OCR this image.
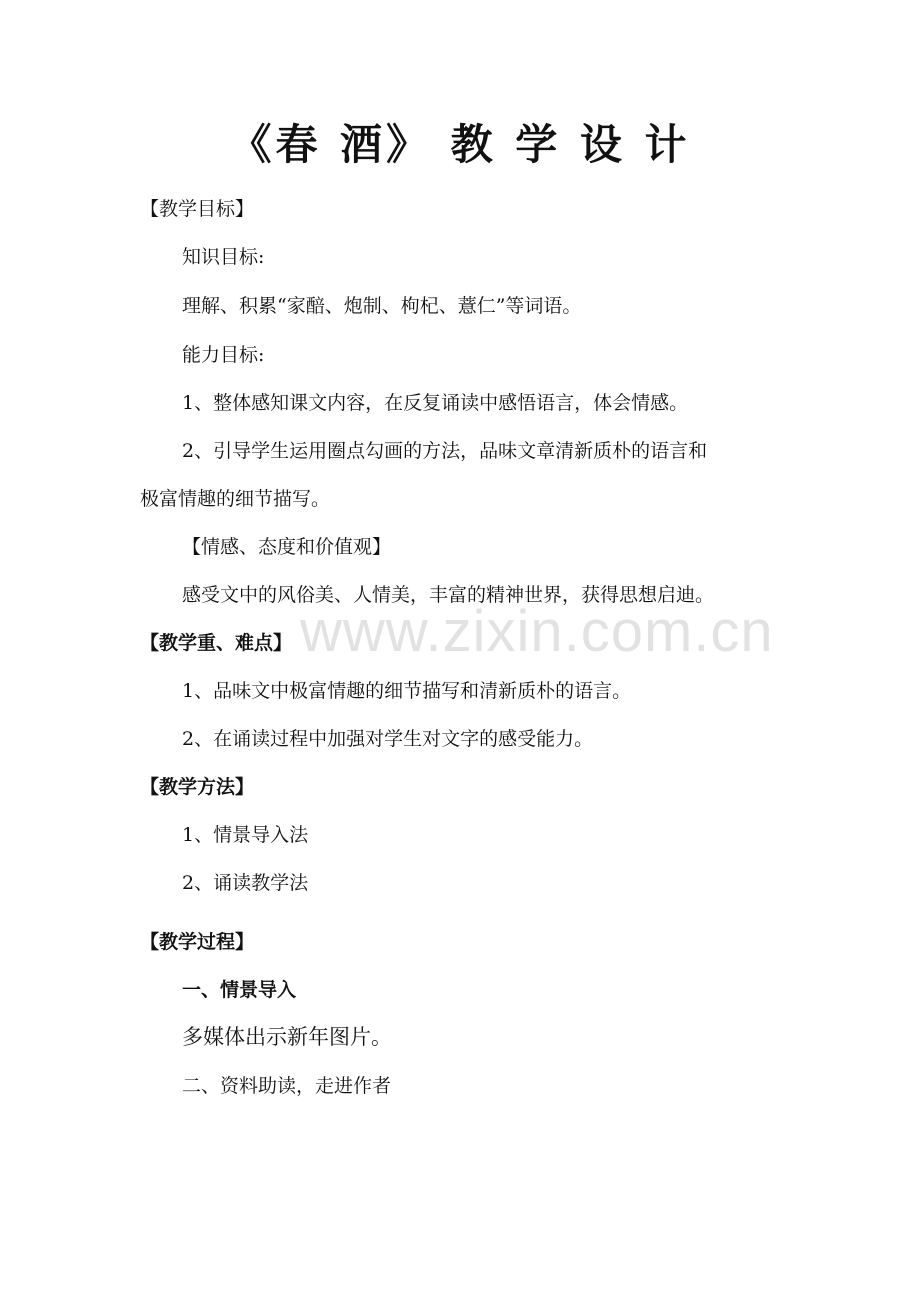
《春 酒》 教 学 设 计
【教学目标】
知识目标:
理解、积累“家醅、炮制、枸杞、薏仁”等词语。
能力目标:
1、整体感知课文内容，在反复诵读中感悟语言，体会情感。
2、引导学生运用圈点勾画的方法，品味文章清新质朴的语言和
极富情趣的细节描写。
【情感、态度和价值观】
感受文中的风俗美、人情美，丰富的精神世界，获得思想启迪。
【教学重、难点】
1、品味文中极富情趣的细节描写和清新质朴的语言。
2、在诵读过程中加强对学生对文字的感受能力。
【教学方法】
1、情景导入法
2、诵读教学法
【教学过程】
一、情景导入
多媒体出示新年图片。
二、资料助读，走进作者
www.zixin.com.cn
